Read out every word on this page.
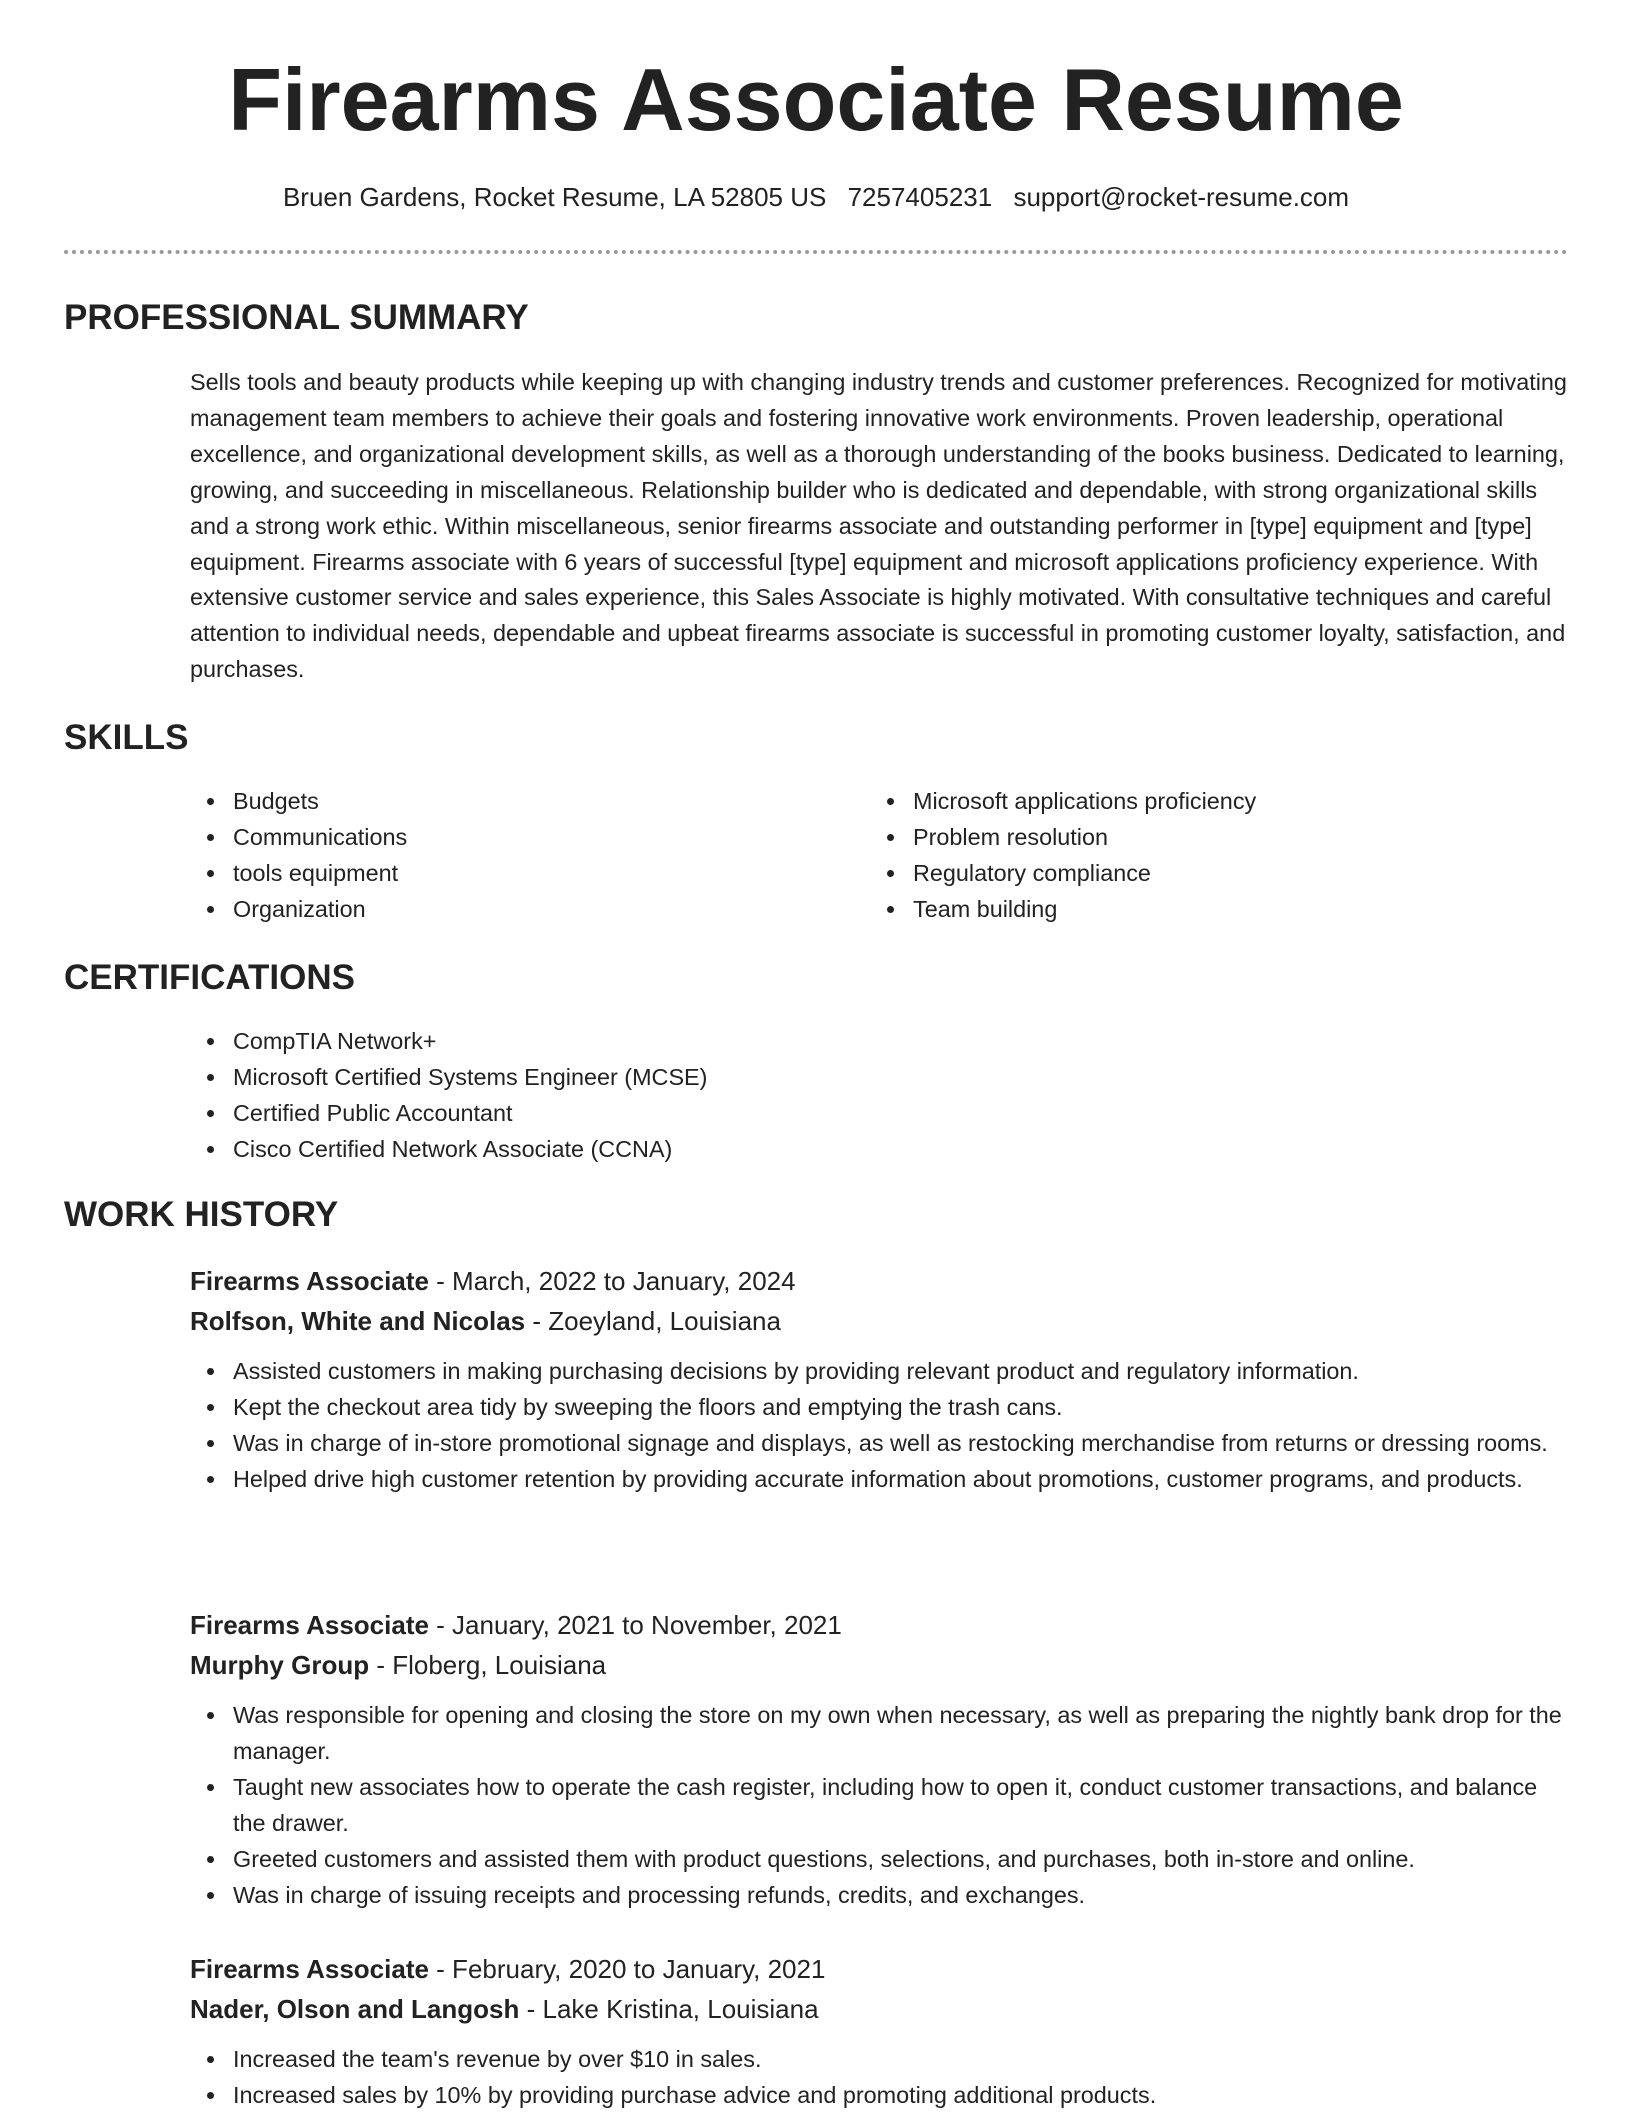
Firearms Associate Resume
Bruen Gardens, Rocket Resume, LA 52805 US 7257405231 support@rocket-resume.com
PROFESSIONAL SUMMARY

Sells tools and beauty products while keeping up with changing industry trends and customer preferences. Recognized for motivating management team members to achieve their goals and fostering innovative work environments. Proven leadership, operational excellence, and organizational development skills, as well as a thorough understanding of the books business. Dedicated to learning, growing, and succeeding in miscellaneous. Relationship builder who is dedicated and dependable, with strong organizational skills and a strong work ethic. Within miscellaneous, senior firearms associate and outstanding performer in [type] equipment and [type] equipment. Firearms associate with 6 years of successful [type] equipment and microsoft applications proficiency experience. With extensive customer service and sales experience, this Sales Associate is highly motivated. With consultative techniques and careful attention to individual needs, dependable and upbeat firearms associate is successful in promoting customer loyalty, satisfaction, and purchases.

SKILLS
Budgets
Communications
tools equipment
Organization
Microsoft applications proficiency
Problem resolution
Regulatory compliance
Team building
CERTIFICATIONS
CompTIA Network+
Microsoft Certified Systems Engineer (MCSE)
Certified Public Accountant
Cisco Certified Network Associate (CCNA)
WORK HISTORY

Firearms Associate - March, 2022 to January, 2024

Rolfson, White and Nicolas - Zoeyland, Louisiana

Assisted customers in making purchasing decisions by providing relevant product and regulatory information.
Kept the checkout area tidy by sweeping the floors and emptying the trash cans.
Was in charge of in-store promotional signage and displays, as well as restocking merchandise from returns or dressing rooms.
Helped drive high customer retention by providing accurate information about promotions, customer programs, and products.

Firearms Associate - January, 2021 to November, 2021

Murphy Group - Floberg, Louisiana

Was responsible for opening and closing the store on my own when necessary, as well as preparing the nightly bank drop for the manager.
Taught new associates how to operate the cash register, including how to open it, conduct customer transactions, and balance the drawer.
Greeted customers and assisted them with product questions, selections, and purchases, both in-store and online.
Was in charge of issuing receipts and processing refunds, credits, and exchanges.

Firearms Associate - February, 2020 to January, 2021

Nader, Olson and Langosh - Lake Kristina, Louisiana

Increased the team's revenue by over $10 in sales.
Increased sales by 10% by providing purchase advice and promoting additional products.
